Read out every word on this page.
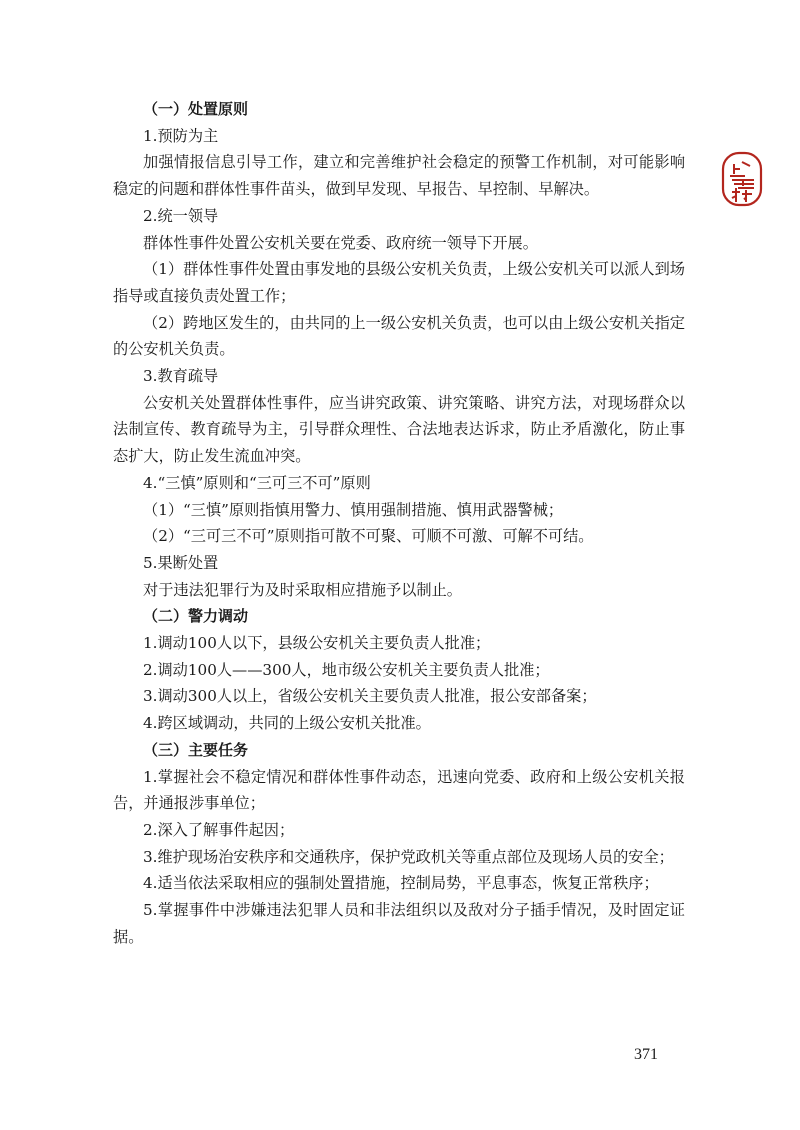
（一）处置原则
1.预防为主
加强情报信息引导工作，建立和完善维护社会稳定的预警工作机制，对可能影响稳定的问题和群体性事件苗头，做到早发现、早报告、早控制、早解决。
2.统一领导
群体性事件处置公安机关要在党委、政府统一领导下开展。
（1）群体性事件处置由事发地的县级公安机关负责，上级公安机关可以派人到场指导或直接负责处置工作；
（2）跨地区发生的，由共同的上一级公安机关负责，也可以由上级公安机关指定的公安机关负责。
3.教育疏导
公安机关处置群体性事件，应当讲究政策、讲究策略、讲究方法，对现场群众以法制宣传、教育疏导为主，引导群众理性、合法地表达诉求，防止矛盾激化，防止事态扩大，防止发生流血冲突。
4.“三慎”原则和“三可三不可”原则
（1）“三慎”原则指慎用警力、慎用强制措施、慎用武器警械；
（2）“三可三不可”原则指可散不可聚、可顺不可激、可解不可结。
5.果断处置
对于违法犯罪行为及时采取相应措施予以制止。
（二）警力调动
1.调动100人以下，县级公安机关主要负责人批准；
2.调动100人——300人，地市级公安机关主要负责人批准；
3.调动300人以上，省级公安机关主要负责人批准，报公安部备案；
4.跨区域调动，共同的上级公安机关批准。
（三）主要任务
1.掌握社会不稳定情况和群体性事件动态，迅速向党委、政府和上级公安机关报告，并通报涉事单位；
2.深入了解事件起因；
3.维护现场治安秩序和交通秩序，保护党政机关等重点部位及现场人员的安全；
4.适当依法采取相应的强制处置措施，控制局势，平息事态，恢复正常秩序；
5.掌握事件中涉嫌违法犯罪人员和非法组织以及敌对分子插手情况，及时固定证据。
371
